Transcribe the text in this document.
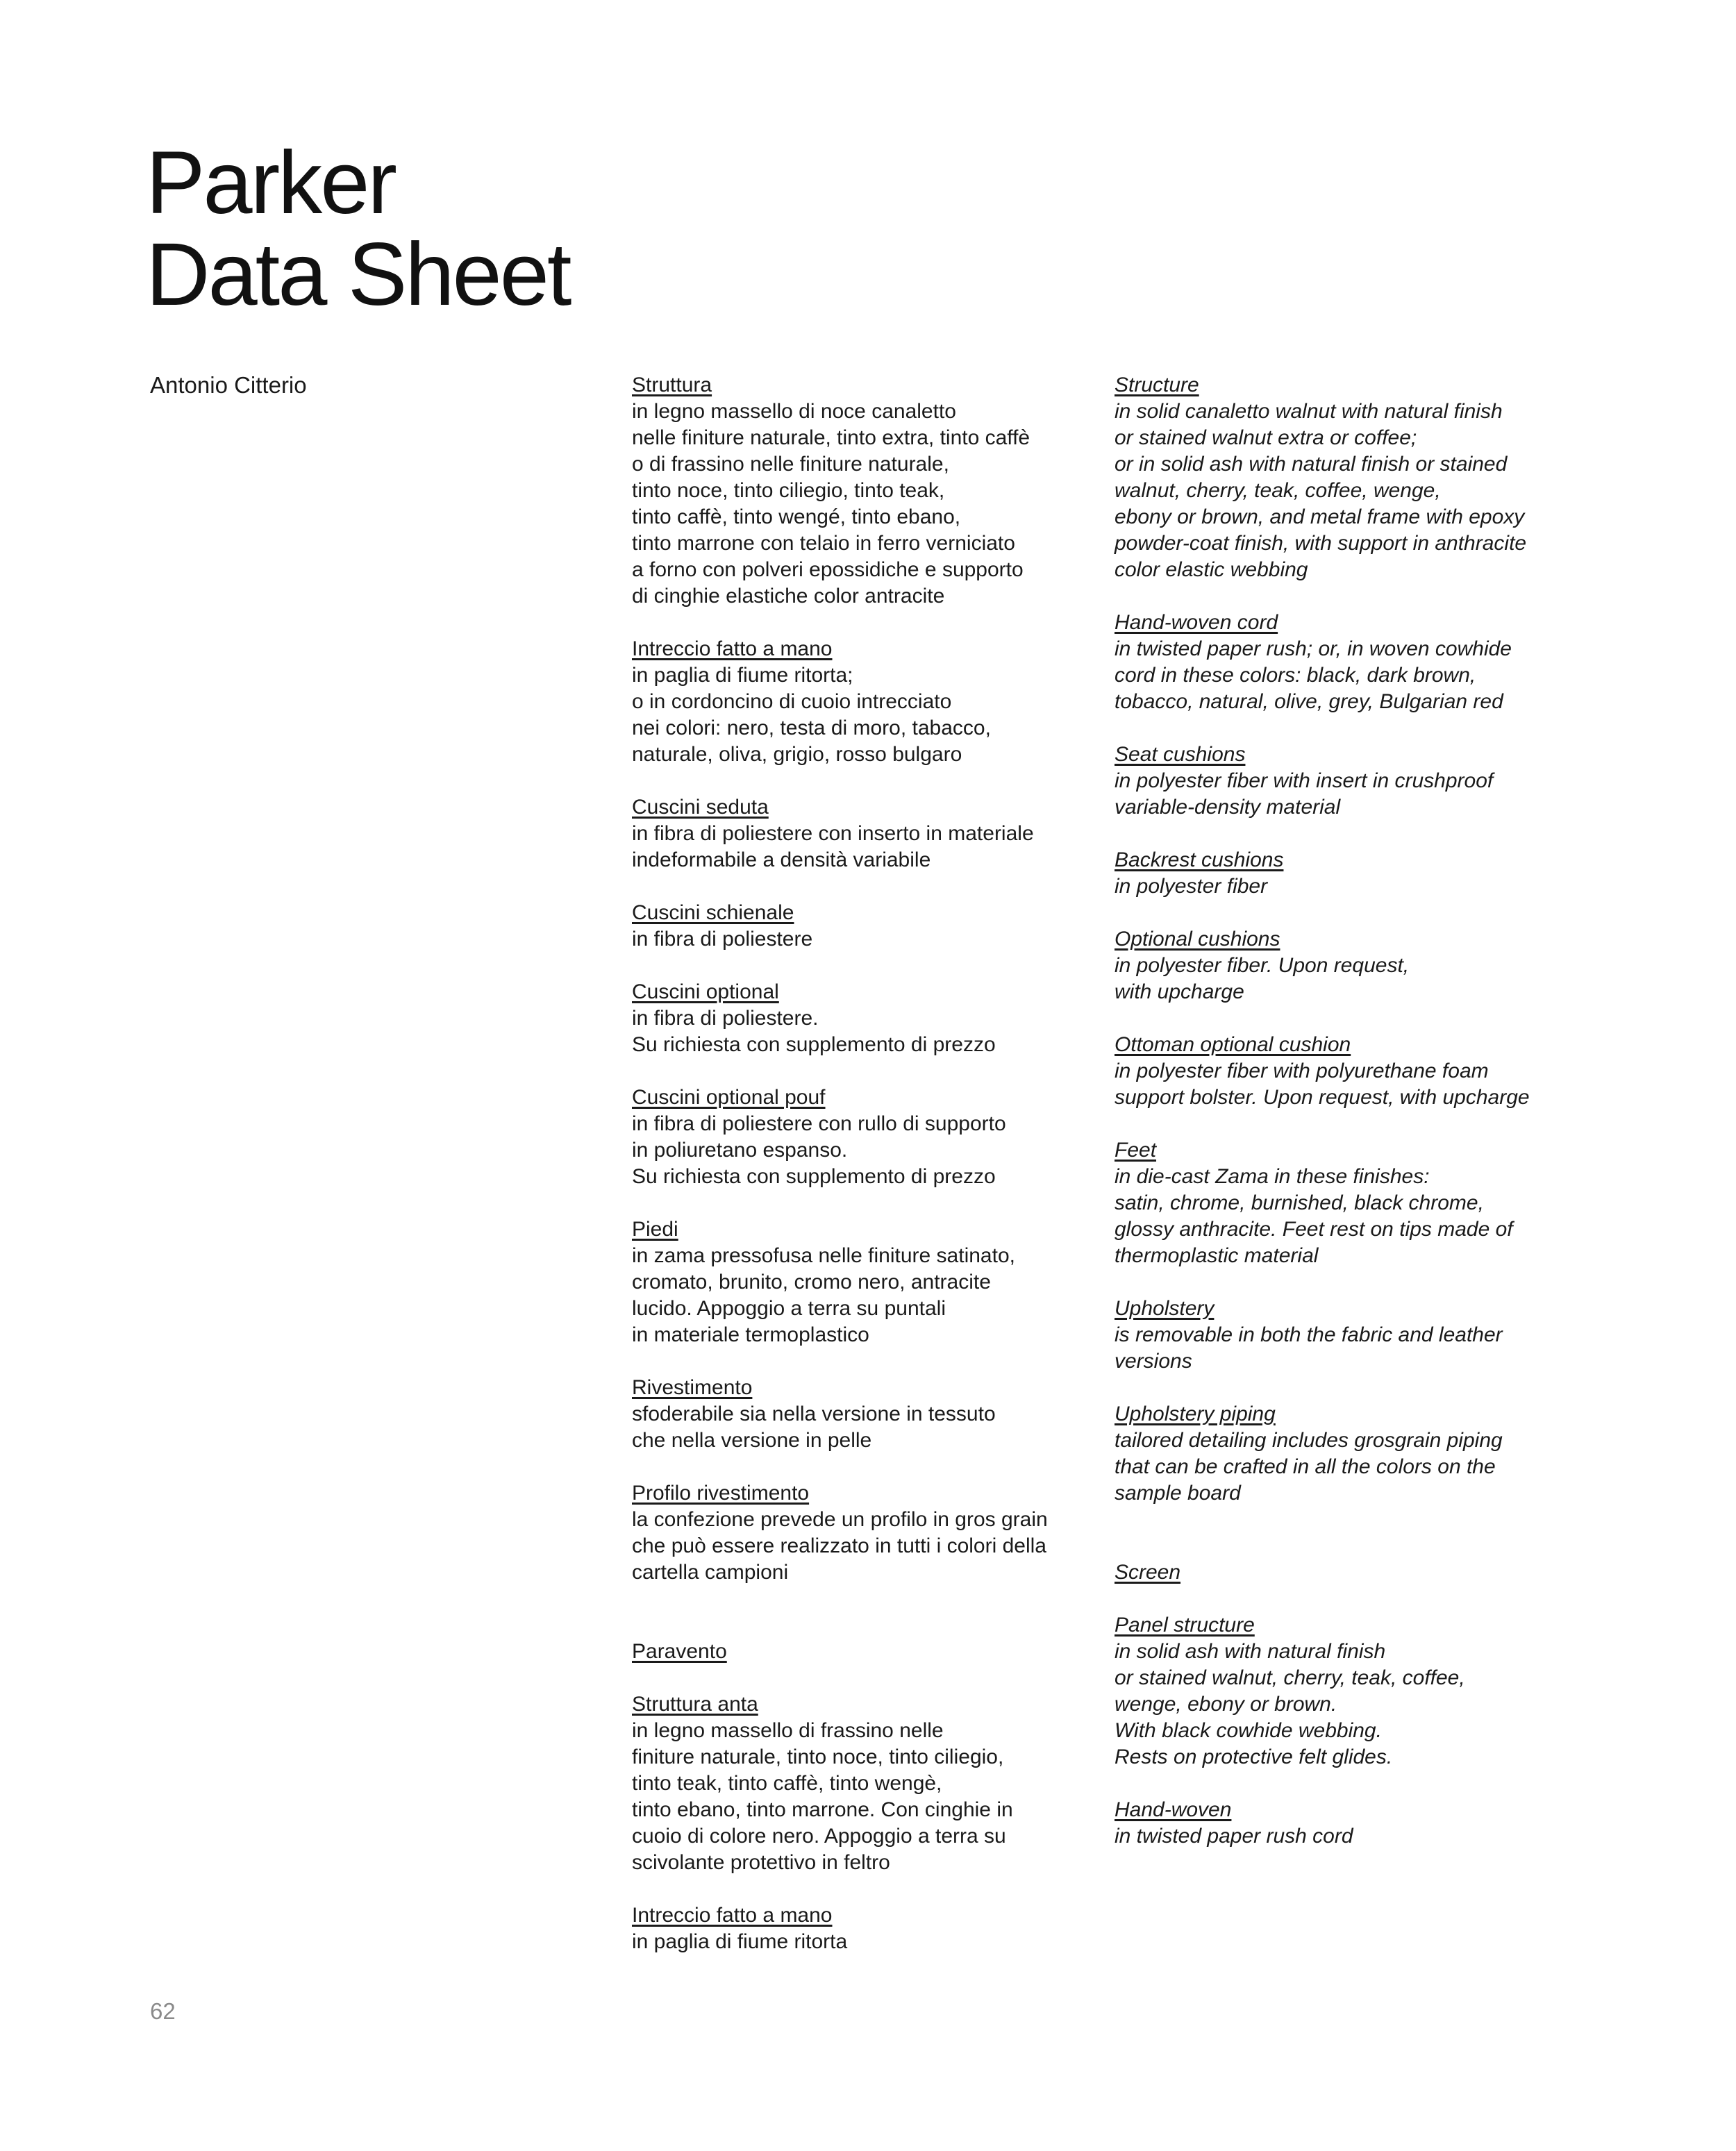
Parker
Data Sheet
Antonio Citterio	Struttura
in legno massello di noce canaletto
nelle finiture naturale, tinto extra, tinto caffè
o di frassino nelle finiture naturale,
tinto noce, tinto ciliegio, tinto teak,
tinto caffè, tinto wengé, tinto ebano,
tinto marrone con telaio in ferro verniciato
a forno con polveri epossidiche e supporto
di cinghie elastiche color antracite
Intreccio fatto a mano
in paglia di fiume ritorta;
o in cordoncino di cuoio intrecciato
nei colori: nero, testa di moro, tabacco,
naturale, oliva, grigio, rosso bulgaro
Cuscini seduta
in fibra di poliestere con inserto in materiale
indeformabile a densità variabile
Cuscini schienale
in fibra di poliestere
Cuscini optional
in fibra di poliestere.
Su richiesta con supplemento di prezzo
Cuscini optional pouf
in fibra di poliestere con rullo di supporto
in poliuretano espanso.
Su richiesta con supplemento di prezzo
Piedi
in zama pressofusa nelle finiture satinato,
cromato, brunito, cromo nero, antracite
lucido. Appoggio a terra su puntali
in materiale termoplastico
Rivestimento
sfoderabile sia nella versione in tessuto
che nella versione in pelle
Profilo rivestimento
la confezione prevede un profilo in gros grain
che può essere realizzato in tutti i colori della
cartella campioni
Paravento
Struttura anta
in legno massello di frassino nelle
finiture naturale, tinto noce, tinto ciliegio,
tinto teak, tinto caffè, tinto wengè,
tinto ebano, tinto marrone. Con cinghie in
cuoio di colore nero. Appoggio a terra su
scivolante protettivo in feltro
Intreccio fatto a mano
in paglia di fiume ritorta
Structure
in solid canaletto walnut with natural finish
or stained walnut extra or coffee;
or in solid ash with natural finish or stained
walnut, cherry, teak, coffee, wenge,
ebony or brown, and metal frame with epoxy
powder-coat finish, with support in anthracite
color elastic webbing
Hand-woven cord
in twisted paper rush; or, in woven cowhide
cord in these colors: black, dark brown,
tobacco, natural, olive, grey, Bulgarian red
Seat cushions
in polyester fiber with insert in crushproof
variable-density material
Backrest cushions
in polyester fiber
Optional cushions
in polyester fiber. Upon request,
with upcharge
Ottoman optional cushion
in polyester fiber with polyurethane foam
support bolster. Upon request, with upcharge
Feet
in die-cast Zama in these finishes:
satin, chrome, burnished, black chrome,
glossy anthracite. Feet rest on tips made of
thermoplastic material
Upholstery
is removable in both the fabric and leather
versions
Upholstery piping
tailored detailing includes grosgrain piping
that can be crafted in all the colors on the
sample board
Screen
Panel structure
in solid ash with natural finish
or stained walnut, cherry, teak, coffee,
wenge, ebony or brown.
With black cowhide webbing.
Rests on protective felt glides.
Hand-woven
in twisted paper rush cord
62
